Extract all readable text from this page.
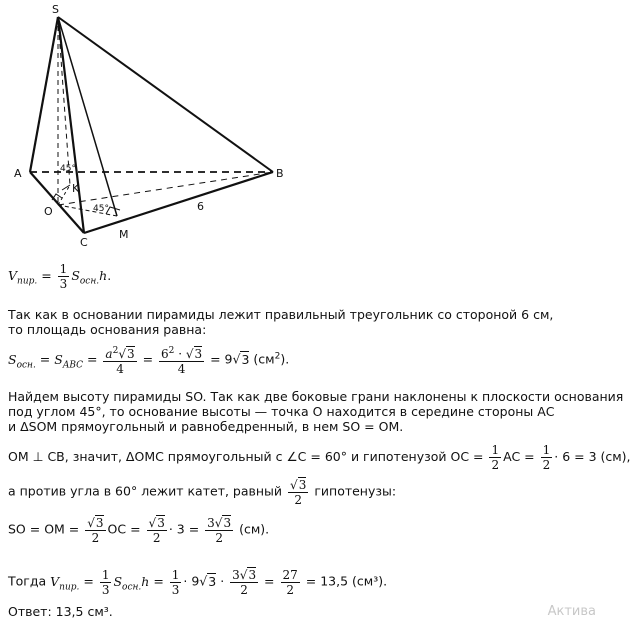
S
A	B
C
K
O
M
45°
45°	6
$V_{пир.} = \frac{1}{3} S_{осн.}h$.
Так как в основании пирамиды лежит правильный треугольник со стороной 6 см,
то площадь основания равна:
$S_{осн.} = S_{ABC} = \frac{a^2√3}{4} = \frac{6^2 \cdot √3}{4} = 9√3$ $(см^2)$.
Найдем высоту пирамиды SO. Так как две боковые грани наклонены к плоскости основания
под углом 45°, то основание высоты — точка О находится в середине стороны АС
и ΔSOM прямоугольный и равнобедренный, в нем SO = OM.
OM ⊥ CB, значит, ΔOMC прямоугольный с ∠C = 60° и гипотенузой OC = $\frac{1}{2}$ AC = $\frac{1}{2} \cdot 6 = 3$ (см),
а против угла в 60° лежит катет, равный $\frac{√3}{2}$ гипотенузы:
SO = OM = $\frac{√3}{2}$ OC = $\frac{√3}{2} \cdot 3 = \frac{3√3}{2} (см)$.
Тогда $V_{пир.} = \frac{1}{3} S_{осн.}h = \frac{1}{3} \cdot 9√3 \cdot \frac{3√3}{2} = \frac{27}{2} = 13,5$ (см³).
Ответ: 13,5 см³.	Актива
